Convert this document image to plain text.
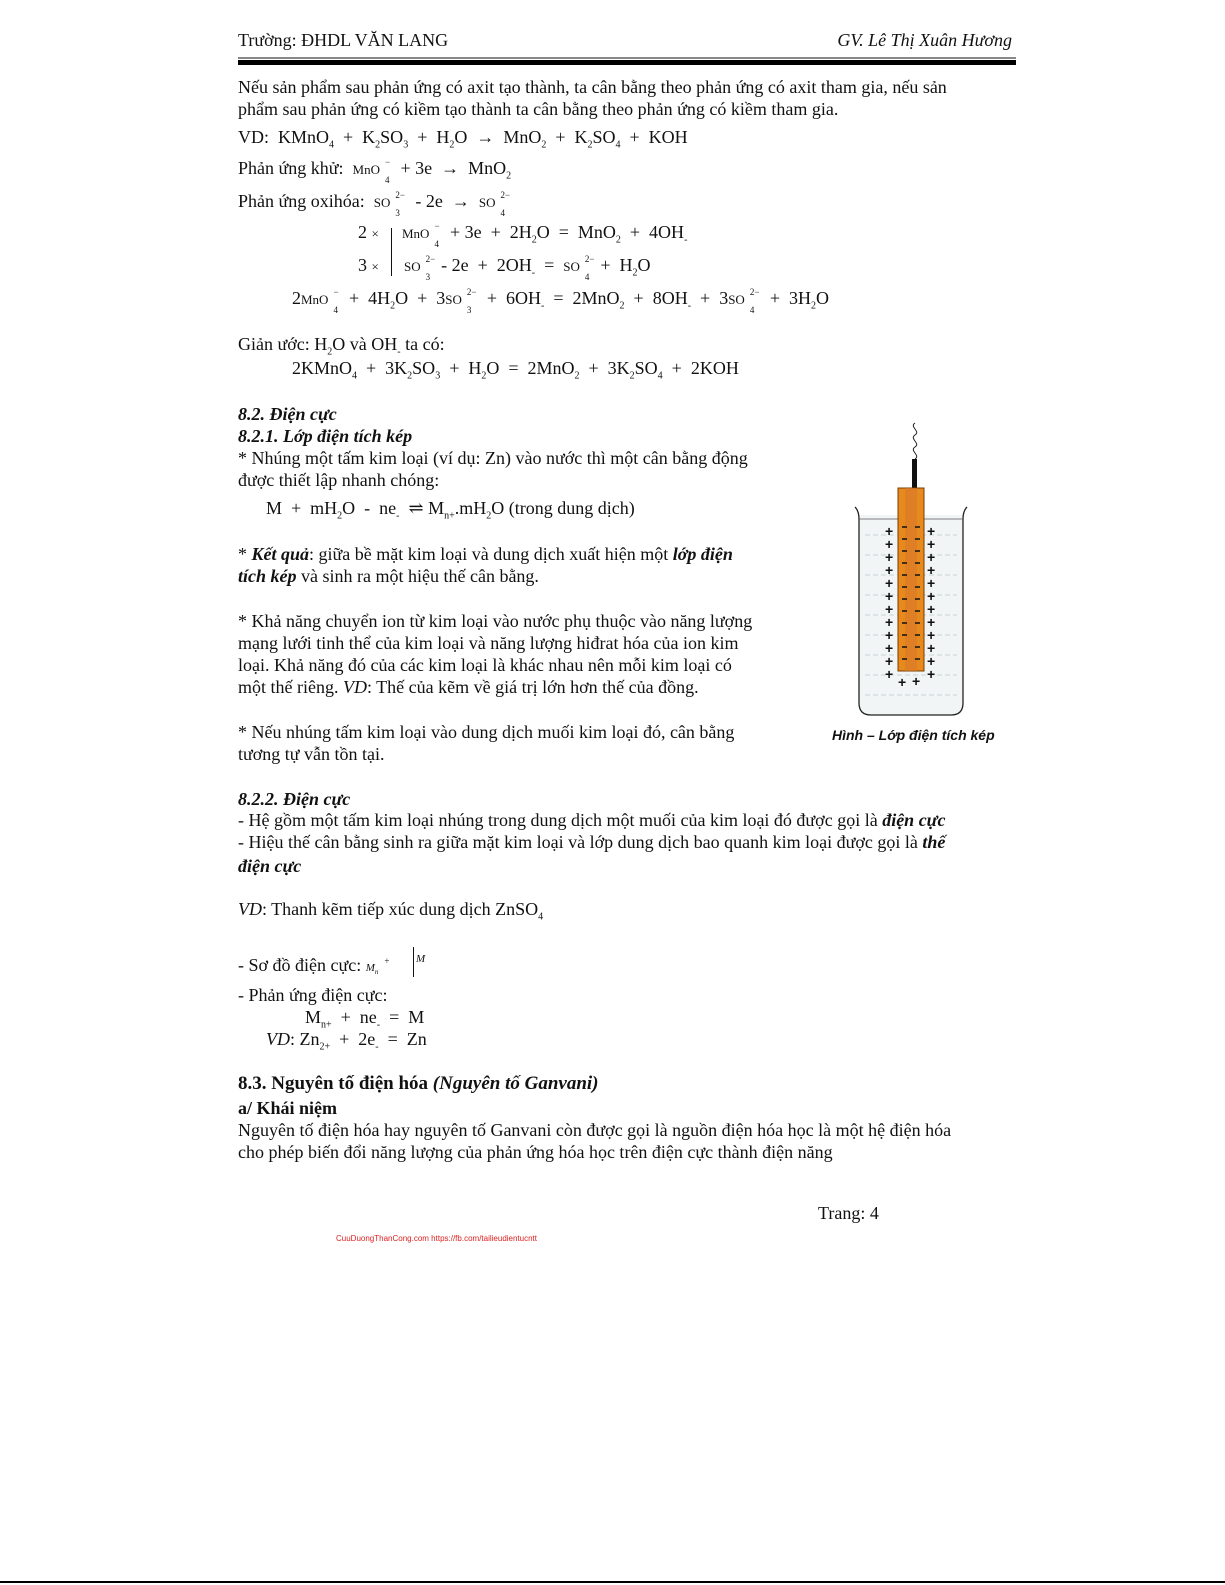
Trường: ĐHDL VĂN LANG	GV. Lê Thị Xuân Hương
Nếu sản phẩm sau phản ứng có axit tạo thành, ta cân bằng theo phản ứng có axit tham gia, nếu sản
phẩm sau phản ứng có kiềm tạo thành ta cân bằng theo phản ứng có kiềm tham gia.
VD:  KMnO$_4$  +  $K_2SO_3 + H_2O \to MnO_2 + K_2SO_4$  +  KOH
Phản ứng khử: MnO −
4
+ 3e  →  MnO$_2$
Phản ứng oxihóa: SO 2−
3
- 2e  →  SO 2−
4
2 ×
3 ×
MnO −
4
+ $3e + 2H_2O = MnO_2 + 4OH_-$
SO 2−
3
- $2e + 2OH_-$  =  SO 2−
4
+  $H_2O$
2MnO −
4
+  $4H_2O + 3SO$ 2−
3
+  $6OH_- = 2MnO_2 + 8OH_- + 3SO$ 2−
4
+  $3H_2O$
Giản ước: $H_2O$ và $OH_-$ ta có:
2KMnO$_4$  +  $3K_2SO_3 + H_2O = 2MnO_2 + 3K_2SO_4 + 2KOH$
8.2. Điện cực
8.2.1. Lớp điện tích kép
* Nhúng một tấm kim loại (ví dụ: Zn) vào nước thì một cân bằng động
được thiết lập nhanh chóng:
$M + mH_2O - ne_-$  ⇌ $M_{n+}.mH_2O$ (trong dung dịch)
* Kết quả: giữa bề mặt kim loại và dung dịch xuất hiện một lớp điện
tích kép và sinh ra một hiệu thế cân bằng.
* Khả năng chuyển ion từ kim loại vào nước phụ thuộc vào năng lượng
mạng lưới tinh thể của kim loại và năng lượng hiđrat hóa của ion kim
loại. Khả năng đó của các kim loại là khác nhau nên mỗi kim loại có
một thế riêng. VD: Thế của kẽm về giá trị lớn hơn thế của đồng.
* Nếu nhúng tấm kim loại vào dung dịch muối kim loại đó, cân bằng
tương tự vẫn tồn tại.
+ +
+ +
+ +
+ +
+ +
+ +
+ +
+ +
+ +
+ +
+ +
+ +
+ +
Hình – Lớp điện tích kép
8.2.2. Điện cực
- Hệ gồm một tấm kim loại nhúng trong dung dịch một muối của kim loại đó được gọi là điện cực
- Hiệu thế cân bằng sinh ra giữa mặt kim loại và lớp dung dịch bao quanh kim loại được gọi là thế
điện cực
VD: Thanh kẽm tiếp xúc dung dịch ZnSO$_4$
- Sơ đồ điện cực: $M_n^+$ M
- Phản ứng điện cực:
$M_{n+} + ne_- = M$
VD: $Zn_{2+} + 2e_- = Zn$
8.3. Nguyên tố điện hóa (Nguyên tố Ganvani)
a/ Khái niệm
Nguyên tố điện hóa hay nguyên tố Ganvani còn được gọi là nguồn điện hóa học là một hệ điện hóa
cho phép biến đổi năng lượng của phản ứng hóa học trên điện cực thành điện năng
Trang: 4
CuuDuongThanCong.com https://fb.com/tailieudientucntt
